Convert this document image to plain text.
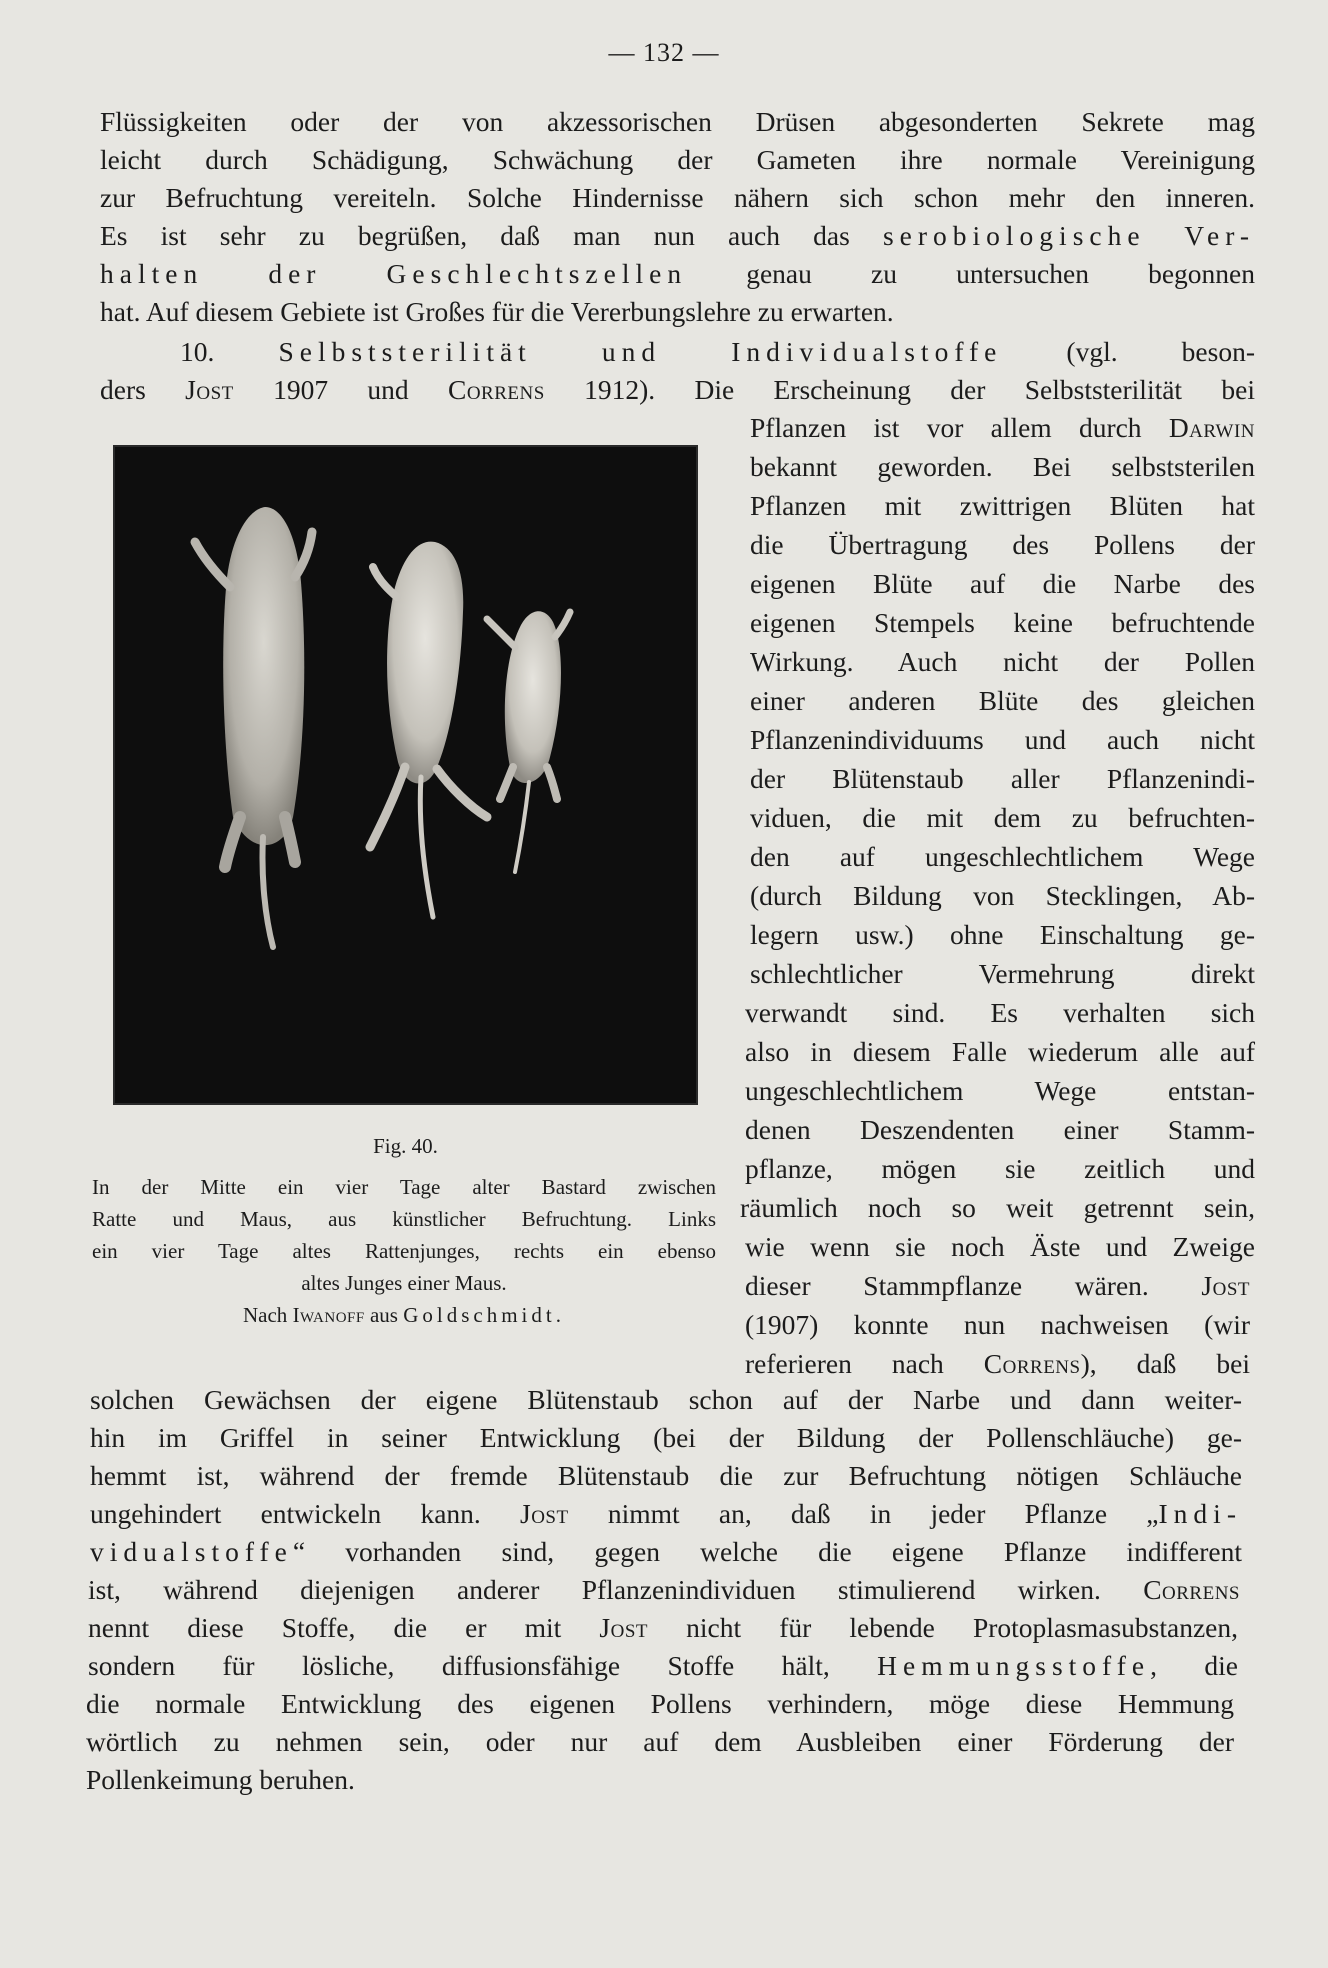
— 132 —
Flüssigkeiten oder der von akzessorischen Drüsen abgesonderten Sekrete mag
leicht durch Schädigung, Schwächung der Gameten ihre normale Vereinigung
zur Befruchtung vereiteln. Solche Hindernisse nähern sich schon mehr den inneren.
Es ist sehr zu begrüßen, daß man nun auch das serobiologische Ver-
halten der Geschlechtszellen genau zu untersuchen begonnen
hat. Auf diesem Gebiete ist Großes für die Vererbungslehre zu erwarten.
10. Selbststerilität und Individualstoffe (vgl. beson-
ders Jost 1907 und Correns 1912). Die Erscheinung der Selbststerilität bei
Fig. 40.
In der Mitte ein vier Tage alter Bastard zwischen
Ratte und Maus, aus künstlicher Befruchtung. Links
ein vier Tage altes Rattenjunges, rechts ein ebenso
altes Junges einer Maus.
Nach Iwanoff aus Goldschmidt.
Pflanzen ist vor allem durch Darwin
bekannt geworden. Bei selbststerilen
Pflanzen mit zwittrigen Blüten hat
die Übertragung des Pollens der
eigenen Blüte auf die Narbe des
eigenen Stempels keine befruchtende
Wirkung. Auch nicht der Pollen
einer anderen Blüte des gleichen
Pflanzenindividuums und auch nicht
der Blütenstaub aller Pflanzenindi-
viduen, die mit dem zu befruchten-
den auf ungeschlechtlichem Wege
(durch Bildung von Stecklingen, Ab-
legern usw.) ohne Einschaltung ge-
schlechtlicher Vermehrung direkt
verwandt sind. Es verhalten sich
also in diesem Falle wiederum alle auf
ungeschlechtlichem Wege entstan-
denen Deszendenten einer Stamm-
pflanze, mögen sie zeitlich und
räumlich noch so weit getrennt sein,
wie wenn sie noch Äste und Zweige
dieser Stammpflanze wären. Jost
(1907) konnte nun nachweisen (wir
referieren nach Correns), daß bei
solchen Gewächsen der eigene Blütenstaub schon auf der Narbe und dann weiter-
hin im Griffel in seiner Entwicklung (bei der Bildung der Pollenschläuche) ge-
hemmt ist, während der fremde Blütenstaub die zur Befruchtung nötigen Schläuche
ungehindert entwickeln kann. Jost nimmt an, daß in jeder Pflanze „Indi-
vidualstoffe“ vorhanden sind, gegen welche die eigene Pflanze indifferent
ist, während diejenigen anderer Pflanzenindividuen stimulierend wirken. Correns
nennt diese Stoffe, die er mit Jost nicht für lebende Protoplasmasubstanzen,
sondern für lösliche, diffusionsfähige Stoffe hält, Hemmungsstoffe, die
die normale Entwicklung des eigenen Pollens verhindern, möge diese Hemmung
wörtlich zu nehmen sein, oder nur auf dem Ausbleiben einer Förderung der
Pollenkeimung beruhen.
